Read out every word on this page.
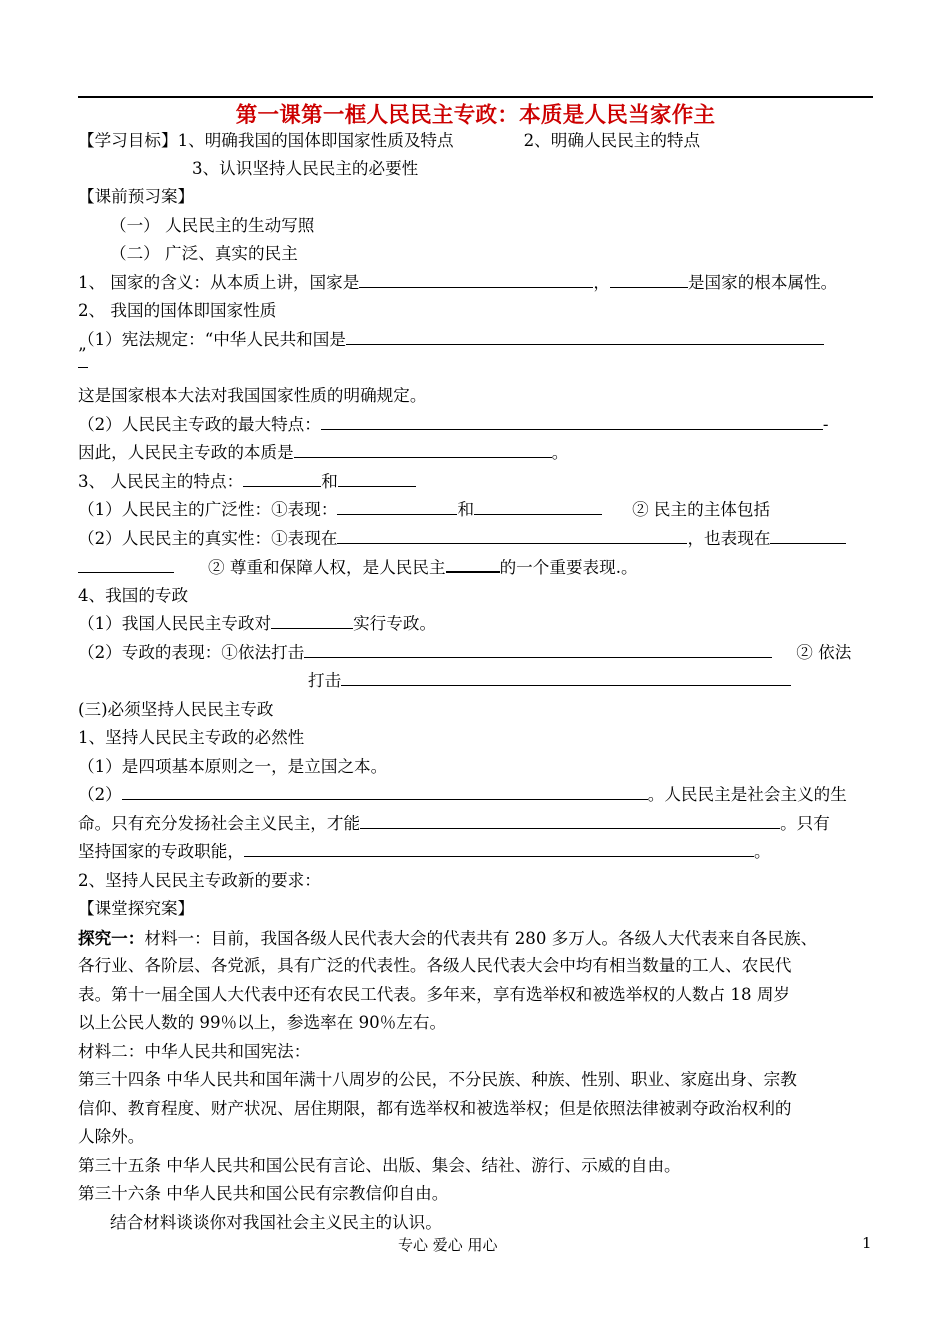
第一课第一框人民民主专政：本质是人民当家作主
【学习目标】1、明确我国的国体即国家性质及特点	2、明确人民民主的特点
3、认识坚持人民民主的必要性
【课前预习案】
（一） 人民民主的生动写照
（二） 广泛、真实的民主
1、 国家的含义：从本质上讲，国家是	，	是国家的根本属性。
2、 我国的国体即国家性质
（1）宪法规定：“中华人民共和国是
”
这是国家根本大法对我国国家性质的明确规定。
（2）人民民主专政的最大特点：	-
因此，人民民主专政的本质是	。
3、 人民民主的特点：	和
（1）人民民主的广泛性：①表现：	和	② 民主的主体包括
（2）人民民主的真实性：①表现在	，也表现在
② 尊重和保障人权，是人民民主	的一个重要表现.。
4、我国的专政
（1）我国人民民主专政对	实行专政。
（2）专政的表现：①依法打击	② 依法
打击
(三)必须坚持人民民主专政
1、坚持人民民主专政的必然性
（1）是四项基本原则之一，是立国之本。
（2）	。人民民主是社会主义的生
命。只有充分发扬社会主义民主，才能	。只有
坚持国家的专政职能，	。
2、坚持人民民主专政新的要求：
【课堂探究案】
探究一：材料一：目前，我国各级人民代表大会的代表共有 280 多万人。各级人大代表来自各民族、
各行业、各阶层、各党派，具有广泛的代表性。各级人民代表大会中均有相当数量的工人、农民代
表。第十一届全国人大代表中还有农民工代表。多年来，享有选举权和被选举权的人数占 18 周岁
以上公民人数的 99％以上，参选率在 90％左右。
材料二：中华人民共和国宪法：
第三十四条 中华人民共和国年满十八周岁的公民，不分民族、种族、性别、职业、家庭出身、宗教
信仰、教育程度、财产状况、居住期限，都有选举权和被选举权；但是依照法律被剥夺政治权利的
人除外。
第三十五条 中华人民共和国公民有言论、出版、集会、结社、游行、示威的自由。
第三十六条 中华人民共和国公民有宗教信仰自由。
结合材料谈谈你对我国社会主义民主的认识。
专心 爱心 用心	1
